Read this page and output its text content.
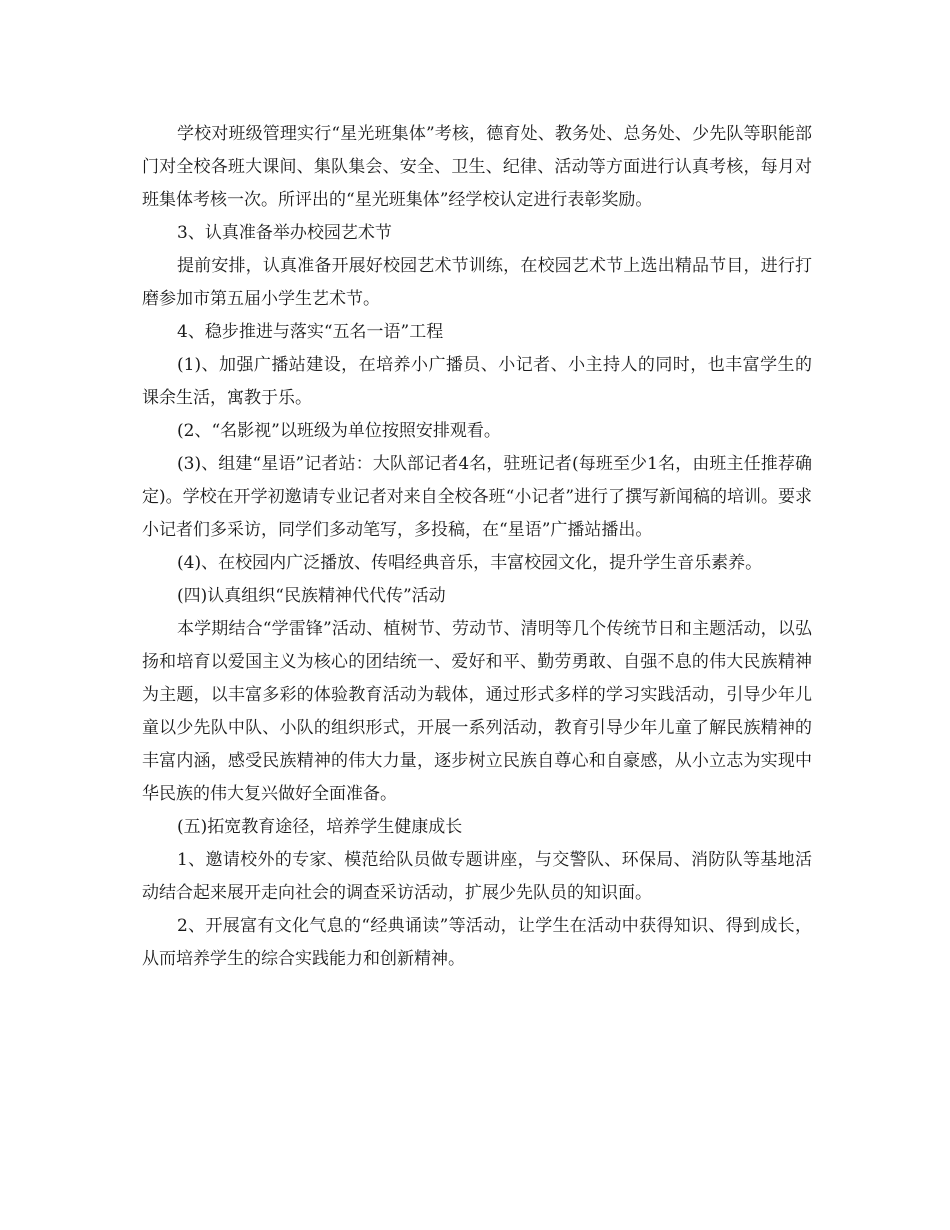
学校对班级管理实行“星光班集体”考核，德育处、教务处、总务处、少先队等职能部门对全校各班大课间、集队集会、安全、卫生、纪律、活动等方面进行认真考核，每月对班集体考核一次。所评出的“星光班集体”经学校认定进行表彰奖励。

3、认真准备举办校园艺术节

提前安排，认真准备开展好校园艺术节训练，在校园艺术节上选出精品节目，进行打磨参加市第五届小学生艺术节。

4、稳步推进与落实“五名一语”工程

(1)、加强广播站建设，在培养小广播员、小记者、小主持人的同时，也丰富学生的课余生活，寓教于乐。

(2、“名影视”以班级为单位按照安排观看。

(3)、组建“星语”记者站：大队部记者4名，驻班记者(每班至少1名，由班主任推荐确定)。学校在开学初邀请专业记者对来自全校各班“小记者”进行了撰写新闻稿的培训。要求小记者们多采访，同学们多动笔写，多投稿，在“星语”广播站播出。

(4)、在校园内广泛播放、传唱经典音乐，丰富校园文化，提升学生音乐素养。

(四)认真组织“民族精神代代传”活动

本学期结合“学雷锋”活动、植树节、劳动节、清明等几个传统节日和主题活动，以弘扬和培育以爱国主义为核心的团结统一、爱好和平、勤劳勇敢、自强不息的伟大民族精神为主题，以丰富多彩的体验教育活动为载体，通过形式多样的学习实践活动，引导少年儿童以少先队中队、小队的组织形式，开展一系列活动，教育引导少年儿童了解民族精神的丰富内涵，感受民族精神的伟大力量，逐步树立民族自尊心和自豪感，从小立志为实现中华民族的伟大复兴做好全面准备。

(五)拓宽教育途径，培养学生健康成长

1、邀请校外的专家、模范给队员做专题讲座，与交警队、环保局、消防队等基地活动结合起来展开走向社会的调查采访活动，扩展少先队员的知识面。

2、开展富有文化气息的“经典诵读”等活动，让学生在活动中获得知识、得到成长，从而培养学生的综合实践能力和创新精神。
